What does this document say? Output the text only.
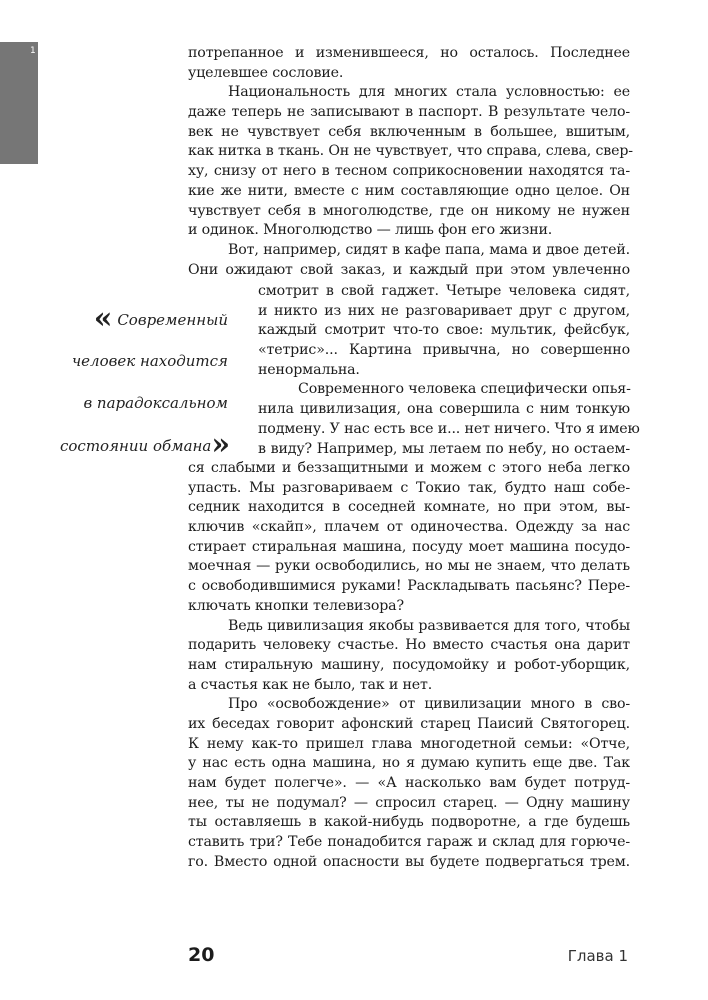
1	потрепанное и изменившееся, но осталось. Последнее
уцелевшее сословие.
Национальность для многих стала условностью: ее
даже теперь не записывают в паспорт. В результате чело-
век не чувствует себя включенным в большее, вшитым,
как нитка в ткань. Он не чувствует, что справа, слева, свер-
ху, снизу от него в тесном соприкосновении находятся та-
кие же нити, вместе с ним составляющие одно целое. Он
чувствует себя в многолюдстве, где он никому не нужен
и одинок. Многолюдство — лишь фон его жизни.
Вот, например, сидят в кафе папа, мама и двое детей.
Они ожидают свой заказ, и каждый при этом увлеченно
« Современный
человек находится
в парадоксальном
состоянии обмана»
смотрит в свой гаджет. Четыре человека сидят,
и никто из них не разговаривает друг с другом,
каждый смотрит что-то свое: мультик, фейсбук,
«тетрис»... Картина привычна, но совершенно
ненормальна.
Современного человека специфически опья-
нила цивилизация, она совершила с ним тонкую
подмену. У нас есть все и... нет ничего. Что я имею
в виду? Например, мы летаем по небу, но остаем-
ся слабыми и беззащитными и можем с этого неба легко
упасть. Мы разговариваем с Токио так, будто наш собе-
седник находится в соседней комнате, но при этом, вы-
ключив «скайп», плачем от одиночества. Одежду за нас
стирает стиральная машина, посуду моет машина посудо-
моечная — руки освободились, но мы не знаем, что делать
с освободившимися руками! Раскладывать пасьянс? Пере-
ключать кнопки телевизора?
Ведь цивилизация якобы развивается для того, чтобы
подарить человеку счастье. Но вместо счастья она дарит
нам стиральную машину, посудомойку и робот-уборщик,
а счастья как не было, так и нет.
Про «освобождение» от цивилизации много в сво-
их беседах говорит афонский старец Паисий Святогорец.
К нему как-то пришел глава многодетной семьи: «Отче,
у нас есть одна машина, но я думаю купить еще две. Так
нам будет полегче». — «А насколько вам будет потруд-
нее, ты не подумал? — спросил старец. — Одну машину
ты оставляешь в какой-нибудь подворотне, а где будешь
ставить три? Тебе понадобится гараж и склад для горюче-
го. Вместо одной опасности вы будете подвергаться трем.
20	Глава 1
